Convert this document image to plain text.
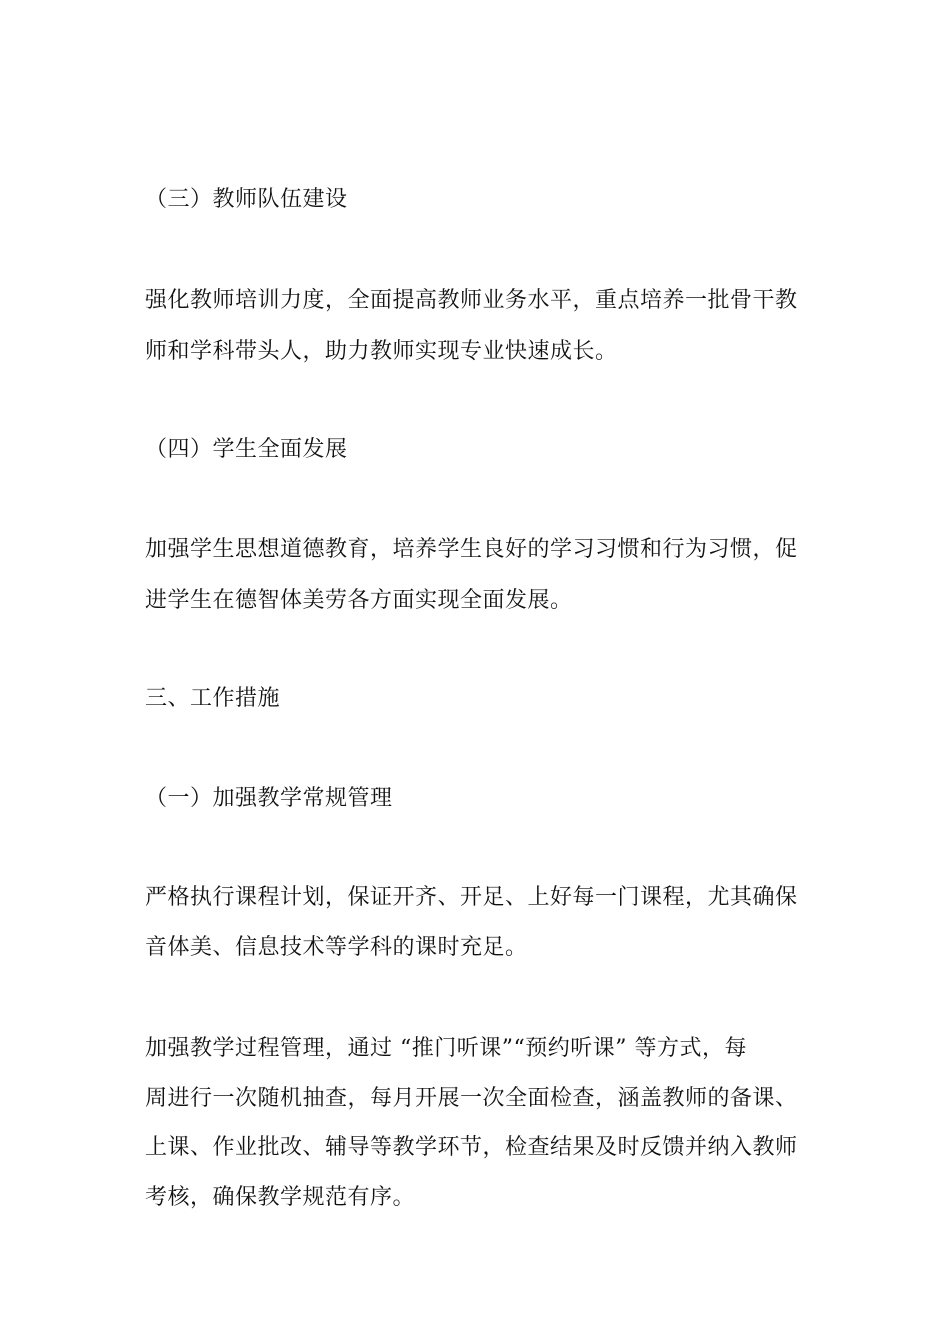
（三）教师队伍建设
强化教师培训力度，全面提高教师业务水平，重点培养一批骨干教
师和学科带头人，助力教师实现专业快速成长。
（四）学生全面发展
加强学生思想道德教育，培养学生良好的学习习惯和行为习惯，促
进学生在德智体美劳各方面实现全面发展。
三、工作措施
（一）加强教学常规管理
严格执行课程计划，保证开齐、开足、上好每一门课程，尤其确保
音体美、信息技术等学科的课时充足。
加强教学过程管理，通过 “推门听课”“预约听课” 等方式，每
周进行一次随机抽查，每月开展一次全面检查，涵盖教师的备课、
上课、作业批改、辅导等教学环节，检查结果及时反馈并纳入教师
考核，确保教学规范有序。
